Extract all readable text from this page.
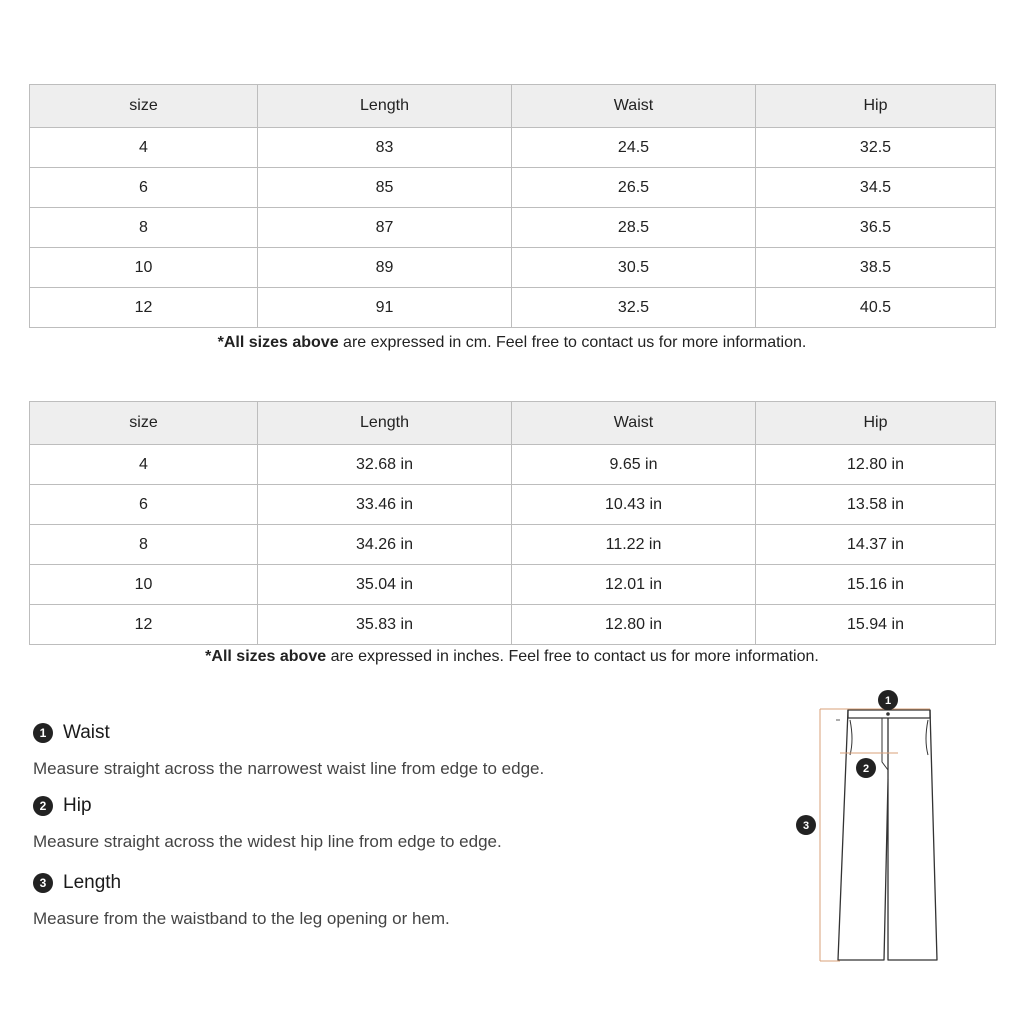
size	Length	Waist	Hip
4	83	24.5	32.5
6	85	26.5	34.5
8	87	28.5	36.5
10	89	30.5	38.5
12	91	32.5	40.5
*All sizes above are expressed in cm. Feel free to contact us for more information.
size	Length	Waist	Hip
4	32.68 in	9.65 in	12.80 in
6	33.46 in	10.43 in	13.58 in
8	34.26 in	11.22 in	14.37 in
10	35.04 in	12.01 in	15.16 in
12	35.83 in	12.80 in	15.94 in
*All sizes above are expressed in inches. Feel free to contact us for more information.
1 Waist
Measure straight across the narrowest waist line from edge to edge.
2 Hip
Measure straight across the widest hip line from edge to edge.
3 Length
Measure from the waistband to the leg opening or hem.
1
2
3
